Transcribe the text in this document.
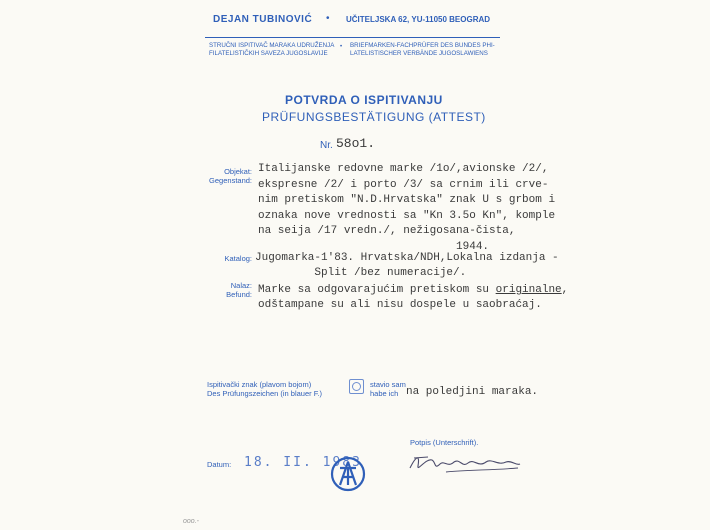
DEJAN TUBINOVIĆ • UČITELJSKA 62, YU-11050 BEOGRAD
STRUČNI ISPITIVAČ MARAKA UDRUŽENJA
FILATELISTIČKIH SAVEZA JUGOSLAVIJE
• BRIEFMARKEN-FACHPRÜFER DES BUNDES PHI-
LATELISTISCHER VERBÄNDE JUGOSLAWIENS
POTVRDA O ISPITIVANJU
PRÜFUNGSBESTÄTIGUNG (ATTEST)
Nr. 58o1.
Objekat:
Gegenstand:
Italijanske redovne marke /1o/,avionske /2/,
ekspresne /2/ i porto /3/ sa crnim ili crve-
nim pretiskom "N.D.Hrvatska" znak U s grbom i
oznaka nove vrednosti sa "Kn 3.5o Kn", komple
na seija /17 vredn./, nežigosana-čista,
1944.
Katalog: Jugomarka-1'83. Hrvatska/NDH,Lokalna izdanja -
Split /bez numeracije/.
Nalaz:
Befund: Marke sa odgovarajućim pretiskom su originalne,
odštampane su ali nisu dospele u saobraćaj.
Ispitivački znak (plavom bojom)
Des Prüfungszeichen (in blauer F.)
stavio sam
habe ich na poledjini maraka.
Potpis (Unterschrift).
Datum: 18. II. 1983
ooo.-
